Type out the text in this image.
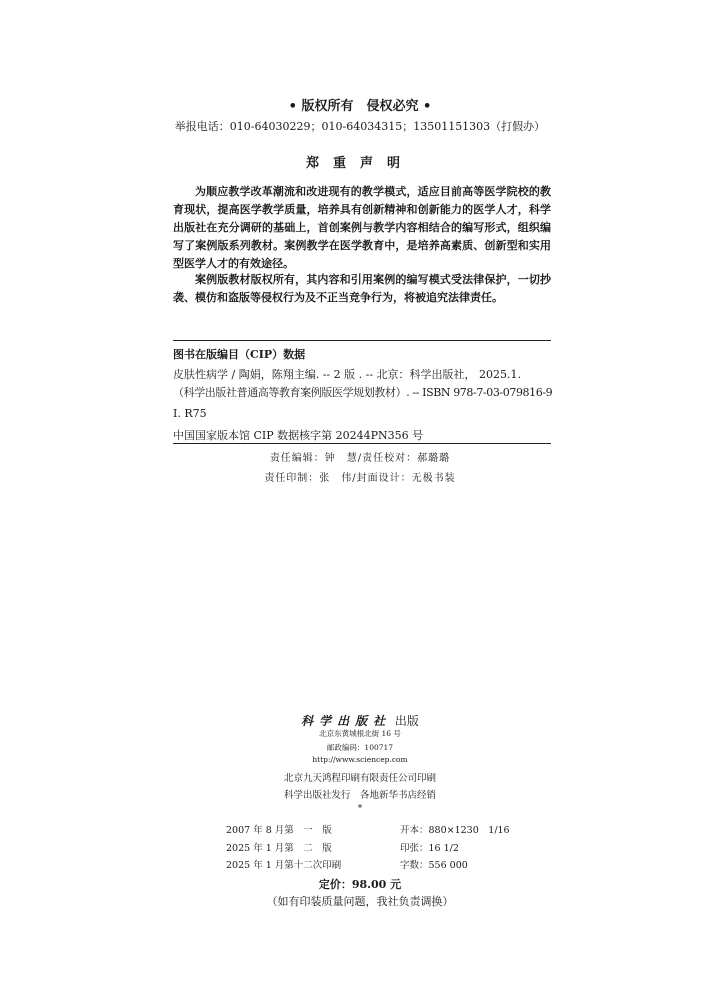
• 版权所有　侵权必究 •
举报电话：010-64030229；010-64034315；13501151303（打假办）
郑重声明
为顺应教学改革潮流和改进现有的教学模式，适应目前高等医学院校的教育现状，提高医学教学质量，培养具有创新精神和创新能力的医学人才，科学出版社在充分调研的基础上，首创案例与教学内容相结合的编写形式，组织编写了案例版系列教材。案例教学在医学教育中，是培养高素质、创新型和实用型医学人才的有效途径。
案例版教材版权所有，其内容和引用案例的编写模式受法律保护，一切抄袭、模仿和盗版等侵权行为及不正当竞争行为，将被追究法律责任。
图书在版编目（CIP）数据
皮肤性病学 / 陶娟，陈翔主编. -- 2 版 . -- 北京：科学出版社， 2025.1.
（科学出版社普通高等教育案例版医学规划教材）. -- ISBN 978-7-03-079816-9
Ⅰ. R75
中国国家版本馆 CIP 数据核字第 20244PN356 号
责任编辑：钟　慧/责任校对：郝璐璐
责任印制：张　伟/封面设计：无极书装
科学出版社 出版
北京东黄城根北街 16 号
邮政编码：100717
http://www.sciencep.com
北京九天鸿程印刷有限责任公司印刷
科学出版社发行　各地新华书店经销
*
2007 年 8 月第　一　版	开本：880×1230　1/16
2025 年 1 月第　二　版	印张：16 1/2
2025 年 1 月第十二次印刷	字数：556 000
定价：98.00 元
（如有印装质量问题，我社负责调换）
